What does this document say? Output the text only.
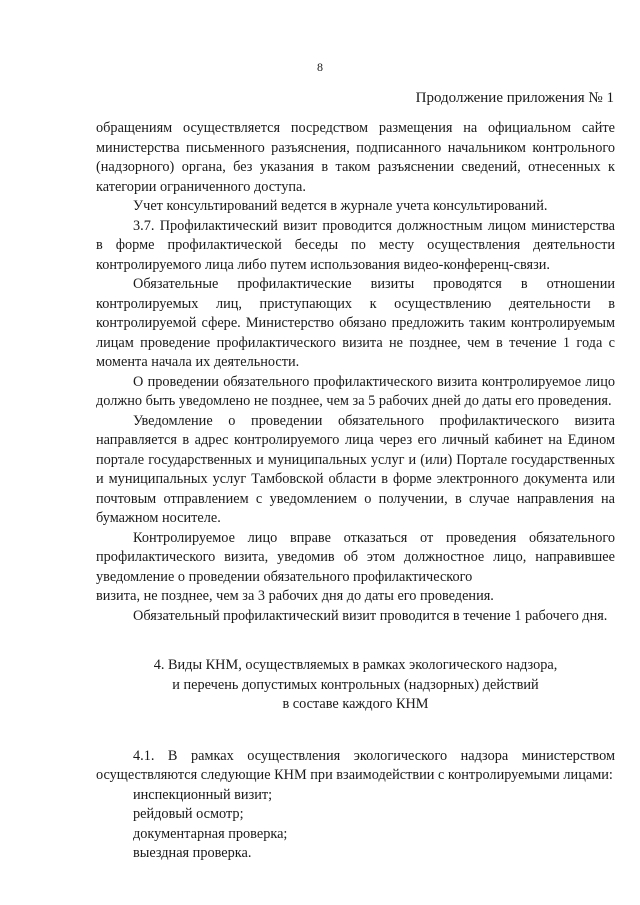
8
Продолжение приложения № 1

обращениям осуществляется посредством размещения на официальном сайте министерства письменного разъяснения, подписанного начальником контрольного (надзорного) органа, без указания в таком разъяснении сведений, отнесенных к категории ограниченного доступа.

Учет консультирований ведется в журнале учета консультирований.

3.7. Профилактический визит проводится должностным лицом министерства в форме профилактической беседы по месту осуществления деятельности контролируемого лица либо путем использования видео-конференц-связи.

Обязательные профилактические визиты проводятся в отношении контролируемых лиц, приступающих к осуществлению деятельности в контролируемой сфере. Министерство обязано предложить таким контролируемым лицам проведение профилактического визита не позднее, чем в течение 1 года с момента начала их деятельности.

О проведении обязательного профилактического визита контролируемое лицо должно быть уведомлено не позднее, чем за 5 рабочих дней до даты его проведения.

Уведомление о проведении обязательного профилактического визита направляется в адрес контролируемого лица через его личный кабинет на Едином портале государственных и муниципальных услуг и (или) Портале государственных и муниципальных услуг Тамбовской области в форме электронного документа или почтовым отправлением с уведомлением о получении, в случае направления на бумажном носителе.

Контролируемое лицо вправе отказаться от проведения обязательного профилактического визита, уведомив об этом должностное лицо, направившее уведомление о проведении обязательного профилактического

визита, не позднее, чем за 3 рабочих дня до даты его проведения.

Обязательный профилактический визит проводится в течение 1 рабочего дня.

4. Виды КНМ, осуществляемых в рамках экологического надзора,
и перечень допустимых контрольных (надзорных) действий
в составе каждого КНМ

4.1. В рамках осуществления экологического надзора министерством осуществляются следующие КНМ при взаимодействии с контролируемыми лицами:

инспекционный визит;
рейдовый осмотр;
документарная проверка;
выездная проверка.
